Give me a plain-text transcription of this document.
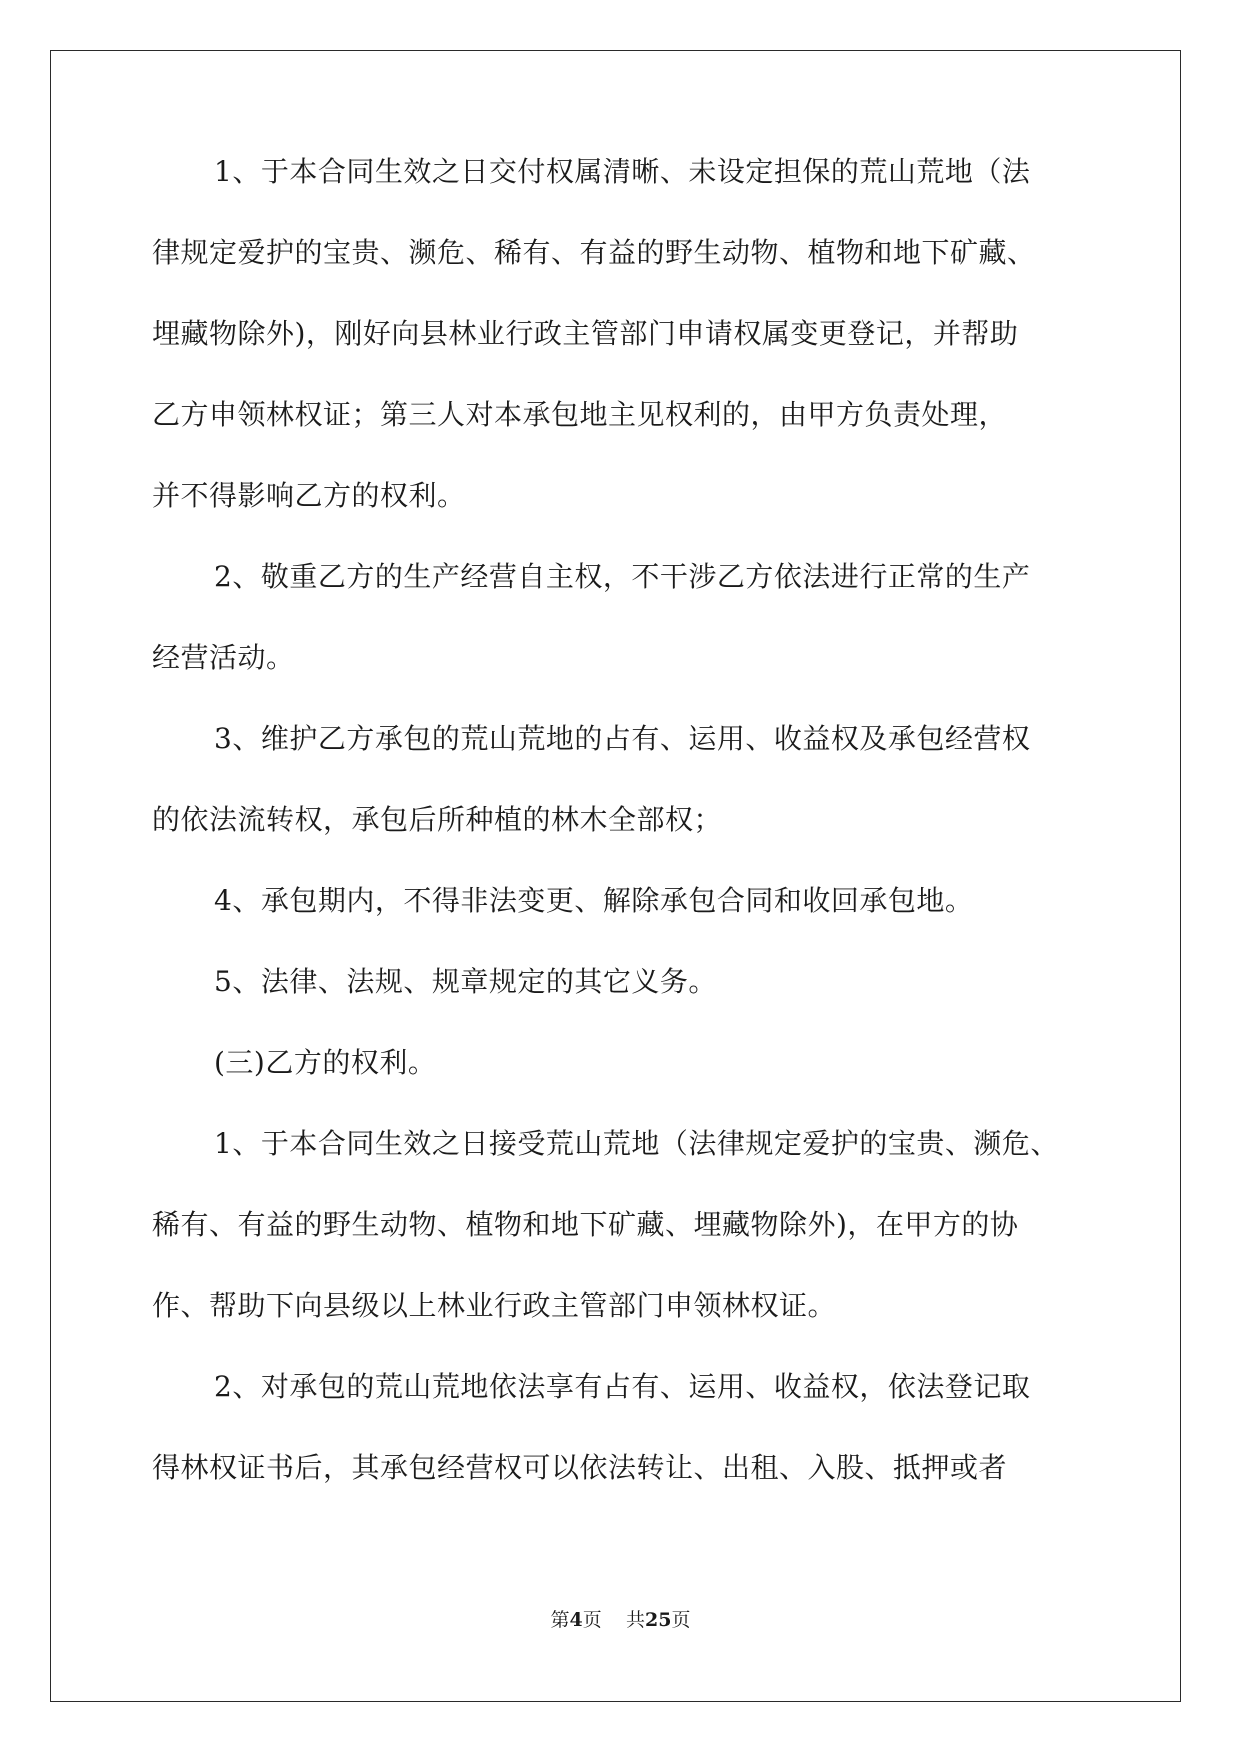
1、于本合同生效之日交付权属清晰、未设定担保的荒山荒地（法
律规定爱护的宝贵、濒危、稀有、有益的野生动物、植物和地下矿藏、
埋藏物除外)，刚好向县林业行政主管部门申请权属变更登记，并帮助
乙方申领林权证；第三人对本承包地主见权利的，由甲方负责处理，
并不得影响乙方的权利。
2、敬重乙方的生产经营自主权，不干涉乙方依法进行正常的生产
经营活动。
3、维护乙方承包的荒山荒地的占有、运用、收益权及承包经营权
的依法流转权，承包后所种植的林木全部权；
4、承包期内，不得非法变更、解除承包合同和收回承包地。
5、法律、法规、规章规定的其它义务。
(三)乙方的权利。
1、于本合同生效之日接受荒山荒地（法律规定爱护的宝贵、濒危、
稀有、有益的野生动物、植物和地下矿藏、埋藏物除外)，在甲方的协
作、帮助下向县级以上林业行政主管部门申领林权证。
2、对承包的荒山荒地依法享有占有、运用、收益权，依法登记取
得林权证书后，其承包经营权可以依法转让、出租、入股、抵押或者
第4页 共25页
